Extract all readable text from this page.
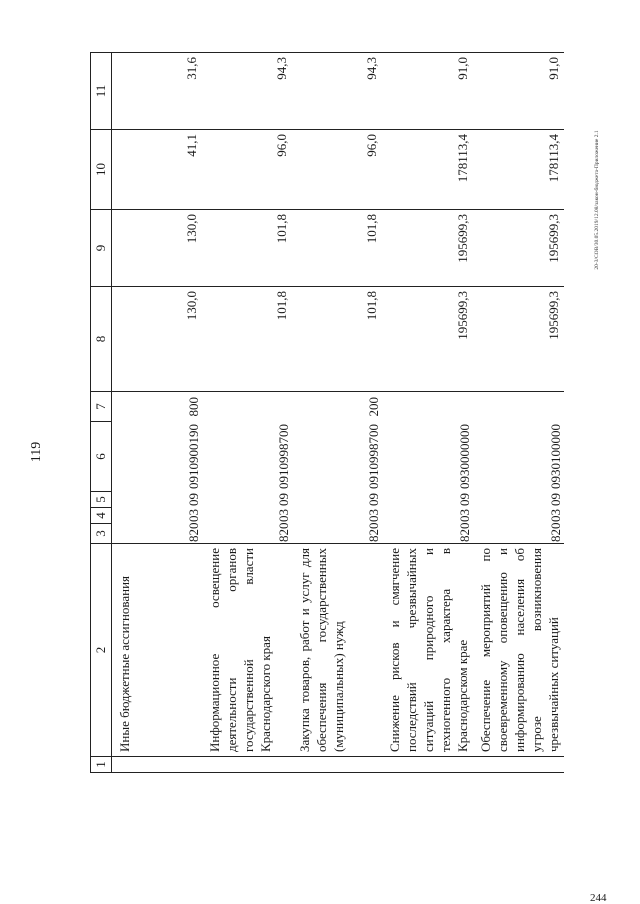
119
20-3/СОВ/30.05.2019/12.08/закон-бюджета-Приложение 2.1
244
1	2	3	4	5	6	7	8	9	10	11
	Иные бюджетные ассигнования	820	03	09	0910900190	800	130,0	130,0	41,1	31,6
	Информационное освещение деятельности органов государственной власти Краснодарского края	820	03	09	0910998700		101,8	101,8	96,0	94,3
	Закупка товаров, работ и услуг для обеспечения государственных (муниципальных) нужд	820	03	09	0910998700	200	101,8	101,8	96,0	94,3
	Снижение рисков и смягчение последствий чрезвычайных ситуаций природного и техногенного характера в Краснодарском крае	820	03	09	0930000000		195699,3	195699,3	178113,4	91,0
	Обеспечение мероприятий по своевременному оповещению и информированию населения об угрозе возникновения чрезвычайных ситуаций	820	03	09	0930100000		195699,3	195699,3	178113,4	91,0
